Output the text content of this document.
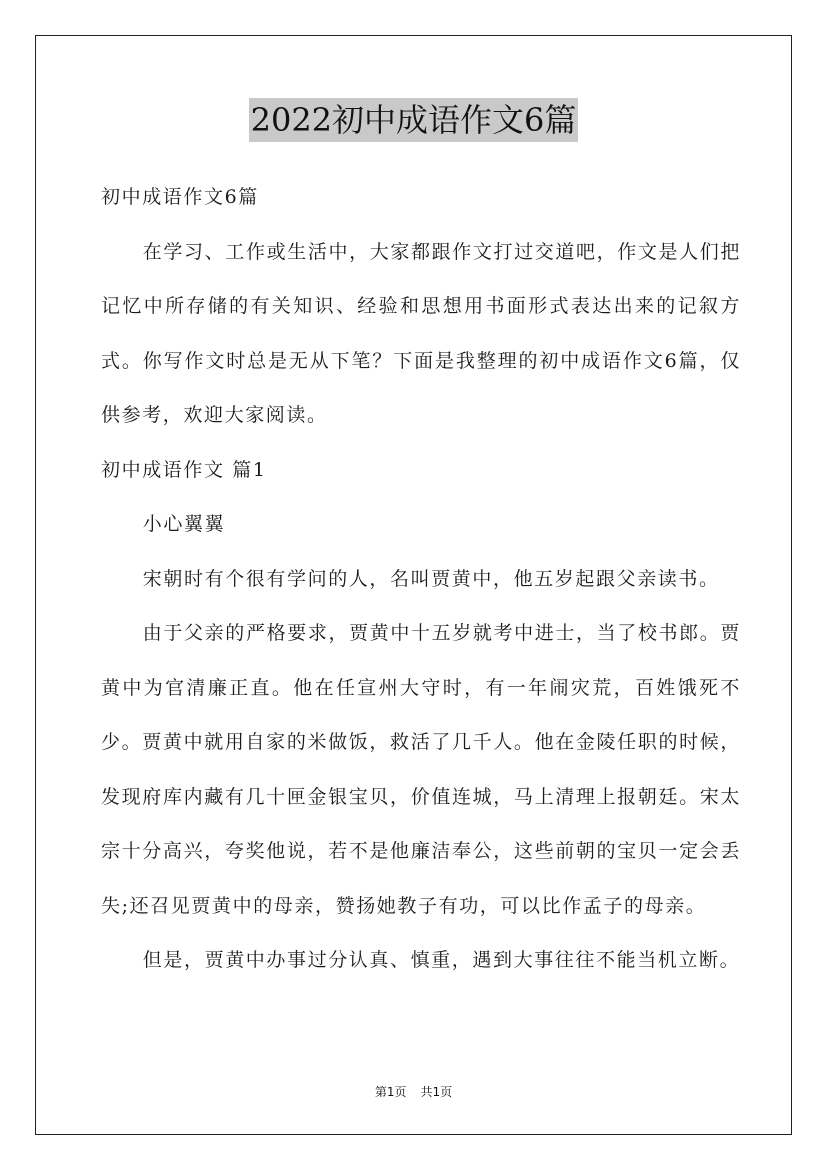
2022初中成语作文6篇

初中成语作文6篇

在学习、工作或生活中，大家都跟作文打过交道吧，作文是人们把记忆中所存储的有关知识、经验和思想用书面形式表达出来的记叙方式。你写作文时总是无从下笔？下面是我整理的初中成语作文6篇，仅供参考，欢迎大家阅读。

初中成语作文 篇1

小心翼翼

宋朝时有个很有学问的人，名叫贾黄中，他五岁起跟父亲读书。

由于父亲的严格要求，贾黄中十五岁就考中进士，当了校书郎。贾黄中为官清廉正直。他在任宣州大守时，有一年闹灾荒，百姓饿死不少。贾黄中就用自家的米做饭，救活了几千人。他在金陵任职的时候，发现府库内藏有几十匣金银宝贝，价值连城，马上清理上报朝廷。宋太宗十分高兴，夸奖他说，若不是他廉洁奉公，这些前朝的宝贝一定会丢失;还召见贾黄中的母亲，赞扬她教子有功，可以比作孟子的母亲。

但是，贾黄中办事过分认真、慎重，遇到大事往往不能当机立断。

第1页 共1页
